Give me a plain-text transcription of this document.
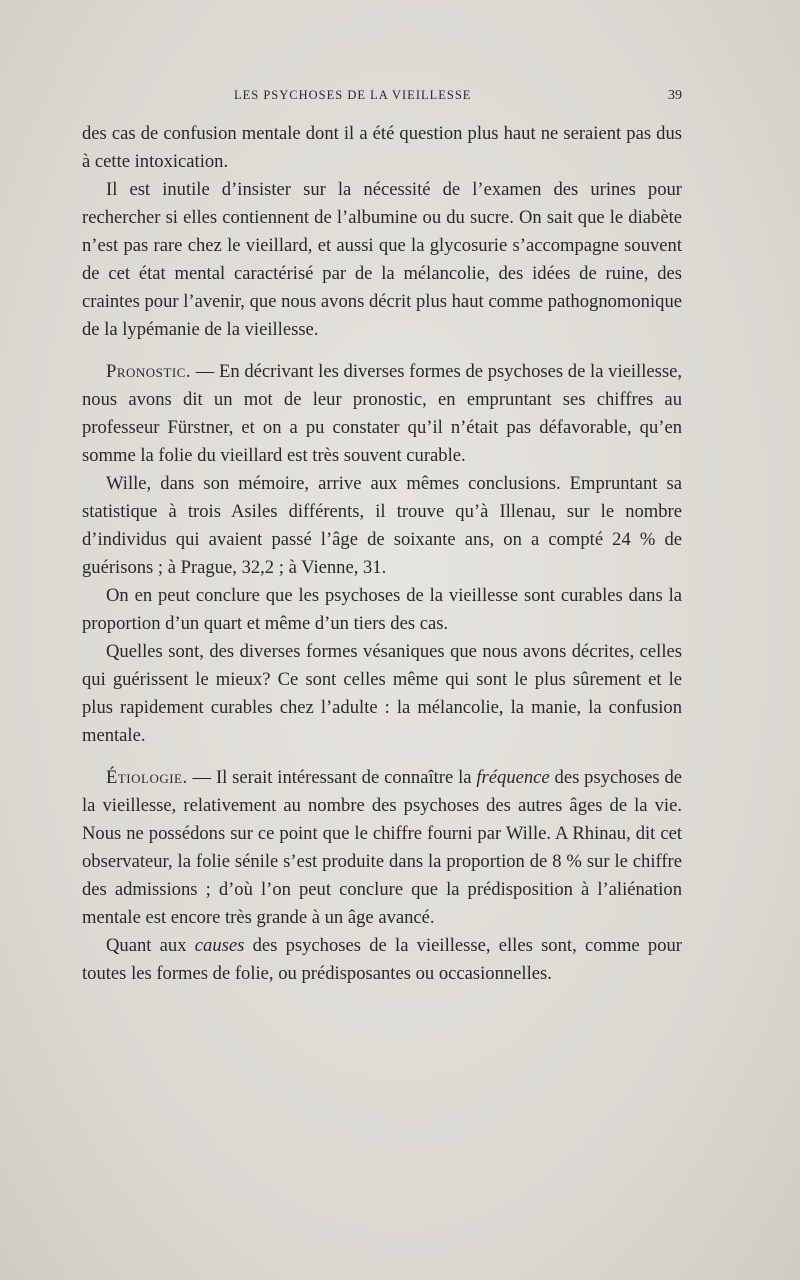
LES PSYCHOSES DE LA VIEILLESSE	39

des cas de confusion mentale dont il a été question plus haut ne seraient pas dus à cette intoxication.

Il est inutile d’insister sur la nécessité de l’examen des urines pour rechercher si elles contiennent de l’albumine ou du sucre. On sait que le diabète n’est pas rare chez le vieillard, et aussi que la glycosurie s’accompagne souvent de cet état mental caractérisé par de la mélancolie, des idées de ruine, des craintes pour l’avenir, que nous avons décrit plus haut comme pathognomonique de la lypémanie de la vieillesse.

Pronostic. — En décrivant les diverses formes de psychoses de la vieillesse, nous avons dit un mot de leur pronostic, en empruntant ses chiffres au professeur Fürstner, et on a pu constater qu’il n’était pas défavorable, qu’en somme la folie du vieillard est très souvent curable.

Wille, dans son mémoire, arrive aux mêmes conclusions. Empruntant sa statistique à trois Asiles différents, il trouve qu’à Illenau, sur le nombre d’individus qui avaient passé l’âge de soixante ans, on a compté 24 % de guérisons ; à Prague, 32,2 ; à Vienne, 31.

On en peut conclure que les psychoses de la vieillesse sont curables dans la proportion d’un quart et même d’un tiers des cas.

Quelles sont, des diverses formes vésaniques que nous avons décrites, celles qui guérissent le mieux? Ce sont celles même qui sont le plus sûrement et le plus rapidement curables chez l’adulte : la mélancolie, la manie, la confusion mentale.

Étiologie. — Il serait intéressant de connaître la fréquence des psychoses de la vieillesse, relativement au nombre des psychoses des autres âges de la vie. Nous ne possédons sur ce point que le chiffre fourni par Wille. A Rhinau, dit cet observateur, la folie sénile s’est produite dans la proportion de 8 % sur le chiffre des admissions ; d’où l’on peut conclure que la prédisposition à l’aliénation mentale est encore très grande à un âge avancé.

Quant aux causes des psychoses de la vieillesse, elles sont, comme pour toutes les formes de folie, ou prédisposantes ou occasionnelles.
